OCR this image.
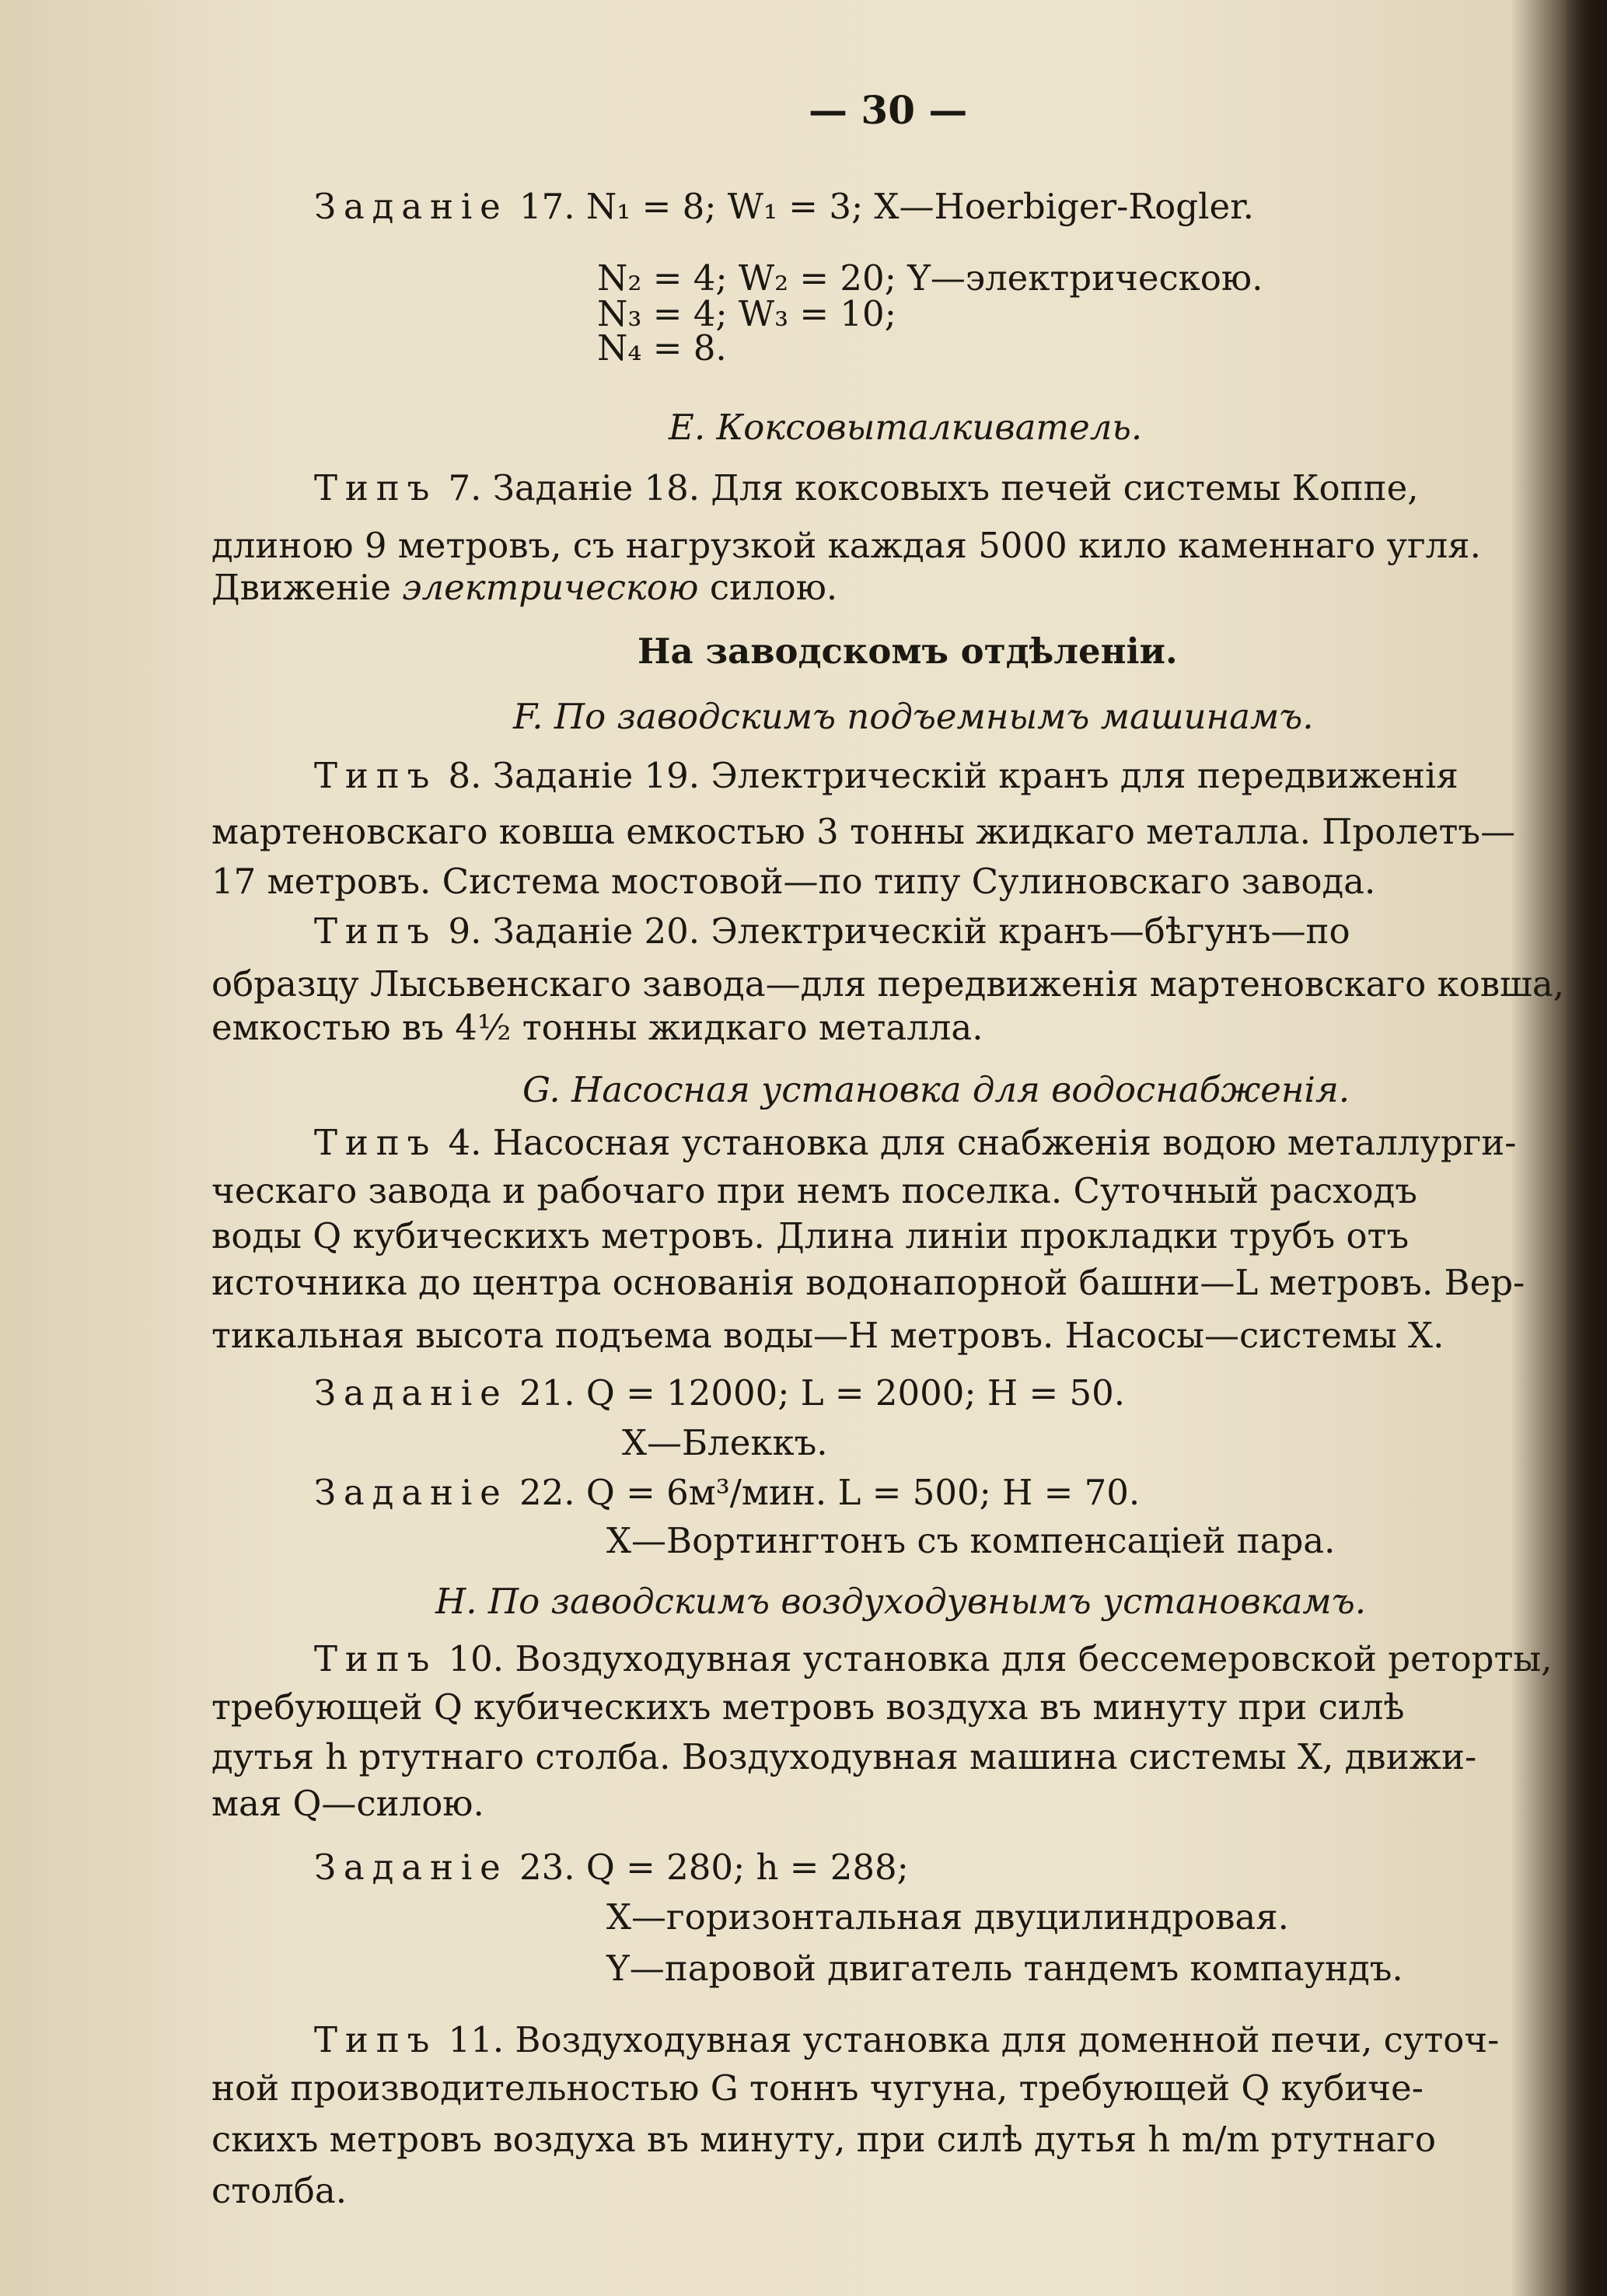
— 30 —
Заданіе 17. N₁ = 8; W₁ = 3; X—Hoerbiger-Rogler.
N₂ = 4; W₂ = 20; Y—электрическою.
N₃ = 4; W₃ = 10;
N₄ = 8.
E. Коксовыталкиватель.
Типъ 7. Заданіе 18. Для коксовыхъ печей системы Коппе,
длиною 9 метровъ, съ нагрузкой каждая 5000 кило каменнаго угля.
Движеніе электрическою силою.
На заводскомъ отдѣленіи.
F. По заводскимъ подъемнымъ машинамъ.
Типъ 8. Заданіе 19. Электрическій кранъ для передвиженія
мартеновскаго ковша емкостью 3 тонны жидкаго металла. Пролетъ—
17 метровъ. Система мостовой—по типу Сулиновскаго завода.
Типъ 9. Заданіе 20. Электрическій кранъ—бѣгунъ—по
образцу Лысьвенскаго завода—для передвиженія мартеновскаго ковша,
емкостью въ 4½ тонны жидкаго металла.
G. Насосная установка для водоснабженія.
Типъ 4. Насосная установка для снабженія водою металлурги-
ческаго завода и рабочаго при немъ поселка. Суточный расходъ
воды Q кубическихъ метровъ. Длина линіи прокладки трубъ отъ
источника до центра основанія водонапорной башни—L метровъ. Вер-
тикальная высота подъема воды—H метровъ. Насосы—системы X.
Заданіе 21. Q = 12000; L = 2000; H = 50.
X—Блеккъ.
Заданіе 22. Q = 6м³/мин. L = 500; H = 70.
X—Вортингтонъ съ компенсаціей пара.
H. По заводскимъ воздуходувнымъ установкамъ.
Типъ 10. Воздуходувная установка для бессемеровской реторты,
требующей Q кубическихъ метровъ воздуха въ минуту при силѣ
дутья h ртутнаго столба. Воздуходувная машина системы X, движи-
мая Q—силою.
Заданіе 23. Q = 280; h = 288;
X—горизонтальная двуцилиндровая.
Y—паровой двигатель тандемъ компаундъ.
Типъ 11. Воздуходувная установка для доменной печи, суточ-
ной производительностью G тоннъ чугуна, требующей Q кубиче-
скихъ метровъ воздуха въ минуту, при силѣ дутья h m/m ртутнаго
столба.
